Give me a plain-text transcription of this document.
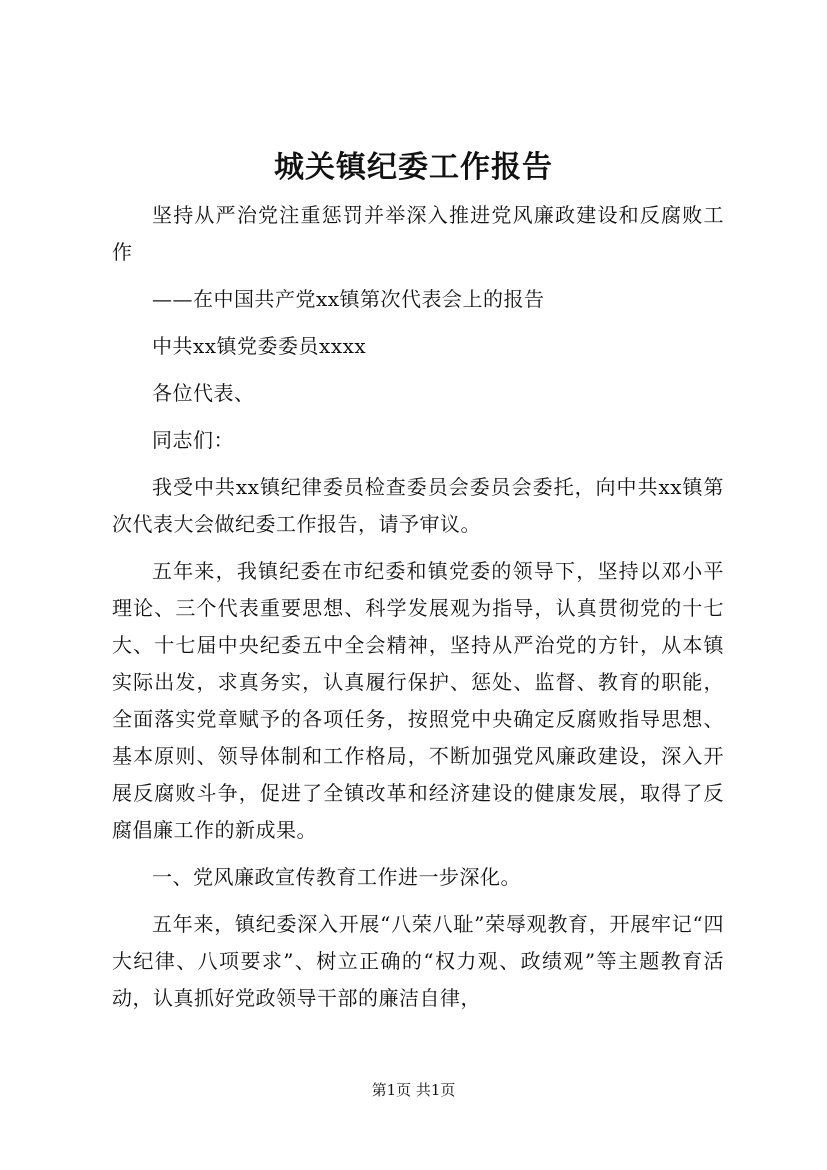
城关镇纪委工作报告

坚持从严治党注重惩罚并举深入推进党风廉政建设和反腐败工作

——在中国共产党xx镇第次代表会上的报告

中共xx镇党委委员xxxx

各位代表、

同志们：

我受中共xx镇纪律委员检查委员会委员会委托，向中共xx镇第次代表大会做纪委工作报告，请予审议。

五年来，我镇纪委在市纪委和镇党委的领导下，坚持以邓小平理论、三个代表重要思想、科学发展观为指导，认真贯彻党的十七大、十七届中央纪委五中全会精神，坚持从严治党的方针，从本镇实际出发，求真务实，认真履行保护、惩处、监督、教育的职能，全面落实党章赋予的各项任务，按照党中央确定反腐败指导思想、基本原则、领导体制和工作格局，不断加强党风廉政建设，深入开展反腐败斗争，促进了全镇改革和经济建设的健康发展，取得了反腐倡廉工作的新成果。

一、党风廉政宣传教育工作进一步深化。

五年来，镇纪委深入开展“八荣八耻”荣辱观教育，开展牢记“四大纪律、八项要求”、树立正确的“权力观、政绩观”等主题教育活动，认真抓好党政领导干部的廉洁自律，

第1页 共1页
